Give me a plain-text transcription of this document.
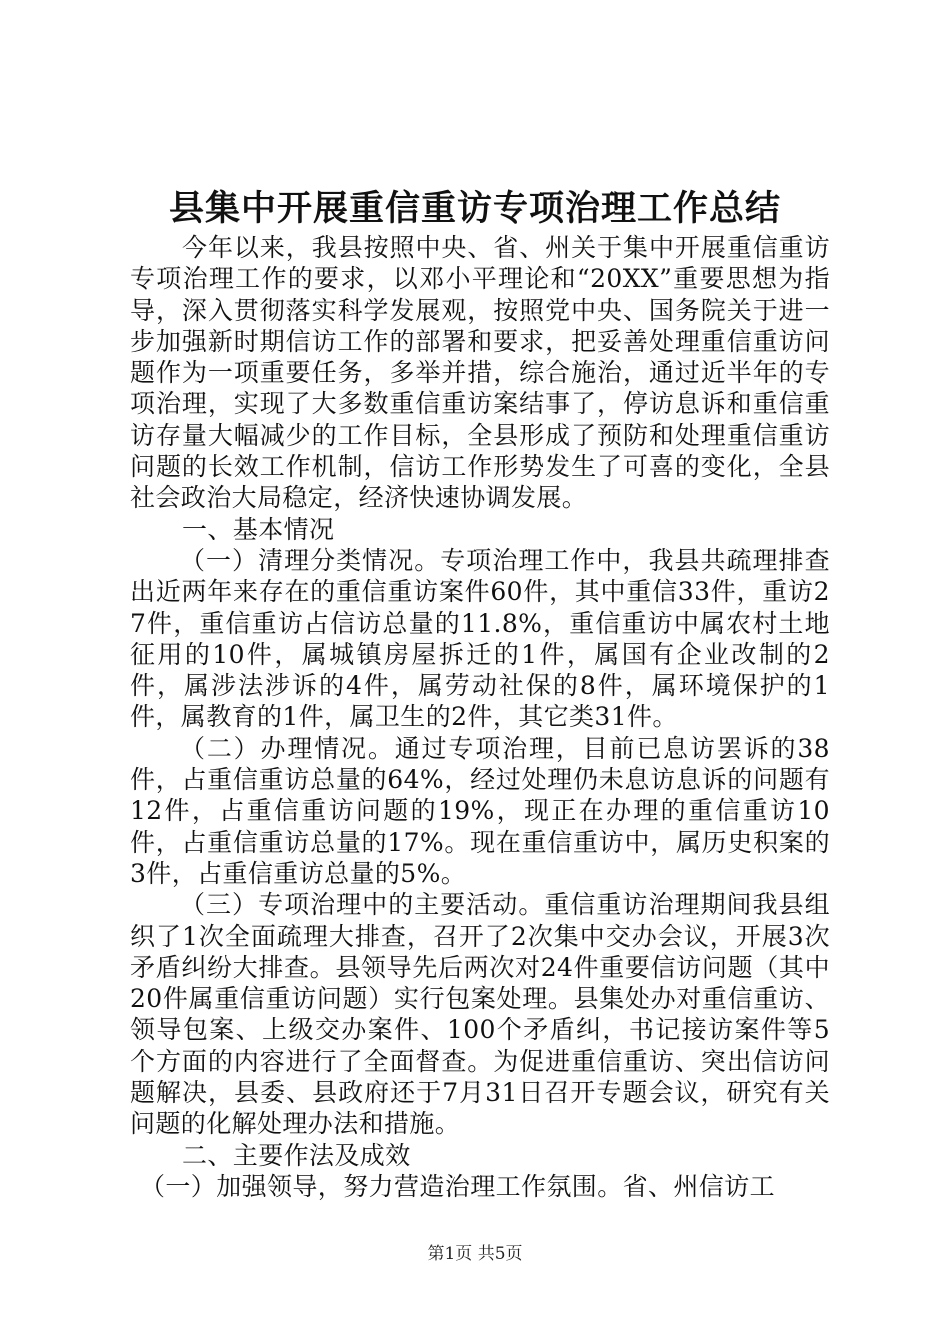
县集中开展重信重访专项治理工作总结

今年以来，我县按照中央、省、州关于集中开展重信重访专项治理工作的要求，以邓小平理论和“20XX”重要思想为指导，深入贯彻落实科学发展观，按照党中央、国务院关于进一步加强新时期信访工作的部署和要求，把妥善处理重信重访问题作为一项重要任务，多举并措，综合施治，通过近半年的专项治理，实现了大多数重信重访案结事了，停访息诉和重信重访存量大幅减少的工作目标，全县形成了预防和处理重信重访问题的长效工作机制，信访工作形势发生了可喜的变化，全县社会政治大局稳定，经济快速协调发展。

一、基本情况

（一）清理分类情况。专项治理工作中，我县共疏理排查出近两年来存在的重信重访案件60件，其中重信33件，重访27件，重信重访占信访总量的11.8%，重信重访中属农村土地征用的10件，属城镇房屋拆迁的1件，属国有企业改制的2件，属涉法涉诉的4件，属劳动社保的8件，属环境保护的1件，属教育的1件，属卫生的2件，其它类31件。

（二）办理情况。通过专项治理，目前已息访罢诉的38件，占重信重访总量的64%，经过处理仍未息访息诉的问题有12件，占重信重访问题的19%，现正在办理的重信重访10件，占重信重访总量的17%。现在重信重访中，属历史积案的3件，占重信重访总量的5%。

（三）专项治理中的主要活动。重信重访治理期间我县组织了1次全面疏理大排查，召开了2次集中交办会议，开展3次矛盾纠纷大排查。县领导先后两次对24件重要信访问题（其中20件属重信重访问题）实行包案处理。县集处办对重信重访、领导包案、上级交办案件、100个矛盾纠，书记接访案件等5个方面的内容进行了全面督查。为促进重信重访、突出信访问题解决，县委、县政府还于7月31日召开专题会议，研究有关问题的化解处理办法和措施。

二、主要作法及成效

（一）加强领导，努力营造治理工作氛围。省、州信访工

第1页 共5页
